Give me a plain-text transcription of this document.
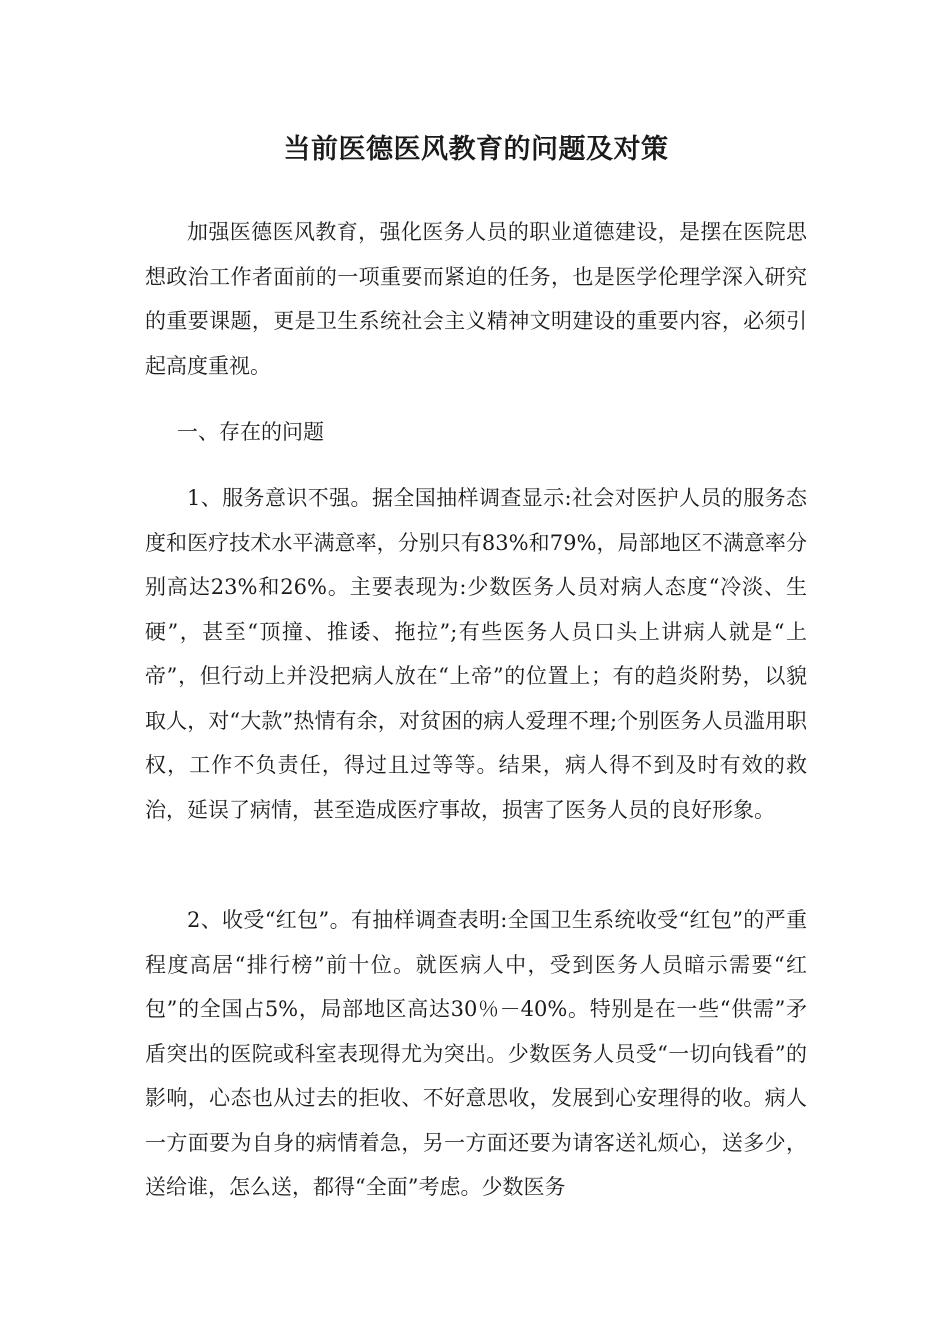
当前医德医风教育的问题及对策

加强医德医风教育，强化医务人员的职业道德建设，是摆在医院思想政治工作者面前的一项重要而紧迫的任务，也是医学伦理学深入研究的重要课题，更是卫生系统社会主义精神文明建设的重要内容，必须引起高度重视。

一、存在的问题

1、服务意识不强。据全国抽样调查显示:社会对医护人员的服务态度和医疗技术水平满意率，分别只有83%和79%，局部地区不满意率分别高达23%和26%。主要表现为:少数医务人员对病人态度“冷淡、生硬”，甚至“顶撞、推诿、拖拉”;有些医务人员口头上讲病人就是“上帝”，但行动上并没把病人放在“上帝”的位置上；有的趋炎附势，以貌取人，对“大款”热情有余，对贫困的病人爱理不理;个别医务人员滥用职权，工作不负责任，得过且过等等。结果，病人得不到及时有效的救治，延误了病情，甚至造成医疗事故，损害了医务人员的良好形象。

2、收受“红包”。有抽样调查表明:全国卫生系统收受“红包”的严重程度高居“排行榜”前十位。就医病人中，受到医务人员暗示需要“红包”的全国占5%，局部地区高达30％－40%。特别是在一些“供需”矛盾突出的医院或科室表现得尤为突出。少数医务人员受“一切向钱看”的影响，心态也从过去的拒收、不好意思收，发展到心安理得的收。病人一方面要为自身的病情着急，另一方面还要为请客送礼烦心，送多少，送给谁，怎么送，都得“全面”考虑。少数医务
